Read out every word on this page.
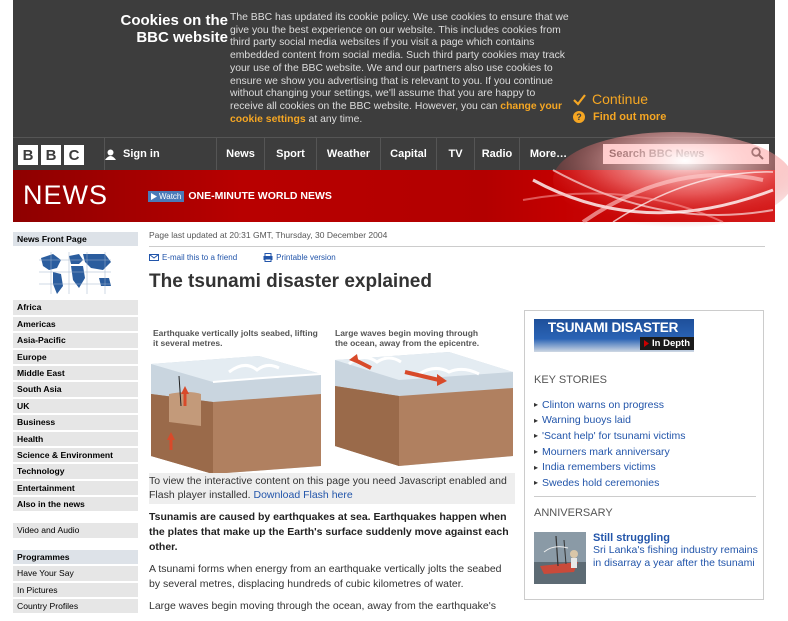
Cookies on the
BBC website
The BBC has updated its cookie policy. We use cookies to ensure that we give you the best experience on our website. This includes cookies from third party social media websites if you visit a page which contains embedded content from social media. Such third party cookies may track your use of the BBC website. We and our partners also use cookies to ensure we show you advertising that is relevant to you. If you continue without changing your settings, we'll assume that you are happy to receive all cookies on the BBC website. However, you can change your cookie settings at any time.
Continue
? Find out more
B B C	Sign in	News	Sport	Weather	Capital	TV	Radio	More…
NEWS	Watch ONE-MINUTE WORLD NEWS
News Front Page
Africa
Americas
Asia-Pacific
Europe
Middle East
South Asia
UK
Business
Health
Science & Environment
Technology
Entertainment
Also in the news
Video and Audio
Programmes
Have Your Say
In Pictures
Country Profiles
Page last updated at 20:31 GMT, Thursday, 30 December 2004
E-mail this to a friend	Printable version
The tsunami disaster explained
Earthquake vertically jolts seabed, lifting
it several metres.
Large waves begin moving through
the ocean, away from the epicentre.
To view the interactive content on this page you need Javascript enabled and Flash player installed. Download Flash here

Tsunamis are caused by earthquakes at sea. Earthquakes happen when the plates that make up the Earth's surface suddenly move against each other.

A tsunami forms when energy from an earthquake vertically jolts the seabed by several metres, displacing hundreds of cubic kilometres of water.

Large waves begin moving through the ocean, away from the earthquake's

TSUNAMI DISASTER
In Depth
KEY STORIES
▸ Clinton warns on progress
▸ Warning buoys laid
▸ 'Scant help' for tsunami victims
▸ Mourners mark anniversary
▸ India remembers victims
▸ Swedes hold ceremonies
ANNIVERSARY
Still struggling
Sri Lanka's fishing industry remains in disarray a year after the tsunami
